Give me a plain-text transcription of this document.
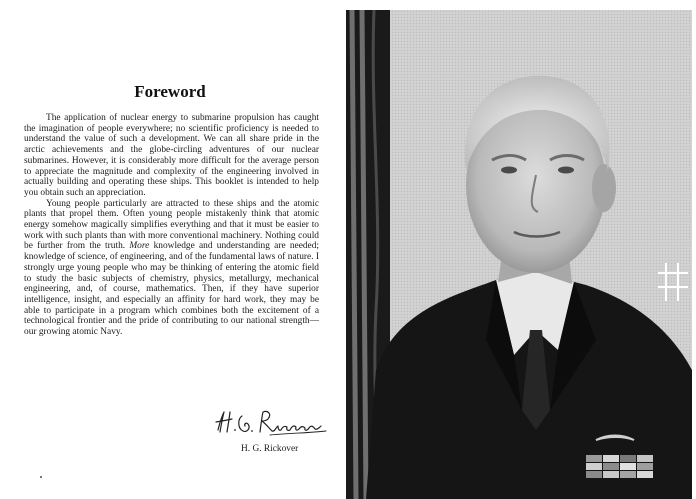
Foreword

The application of nuclear energy to submarine propulsion has caught the imagination of people everywhere; no scientific proficiency is needed to understand the value of such a development. We can all share pride in the arctic achievements and the globe-circling adventures of our nuclear submarines. However, it is considerably more difficult for the average person to appreciate the magnitude and complexity of the engineering involved in actually building and operating these ships. This booklet is intended to help you obtain such an appreciation.

Young people particularly are attracted to these ships and the atomic plants that propel them. Often young people mistakenly think that atomic energy somehow magically simplifies everything and that it must be easier to work with such plants than with more conventional machinery. Nothing could be further from the truth. More knowledge and understanding are needed; knowledge of science, of engineering, and of the fundamental laws of nature. I strongly urge young people who may be thinking of entering the atomic field to study the basic subjects of chemistry, physics, metallurgy, mechanical engineering, and, of course, mathematics. Then, if they have superior intelligence, insight, and especially an affinity for hard work, they may be able to participate in a program which combines both the excitement of a technological frontier and the pride of contributing to our national strength—our growing atomic Navy.

H. G. Rickover
